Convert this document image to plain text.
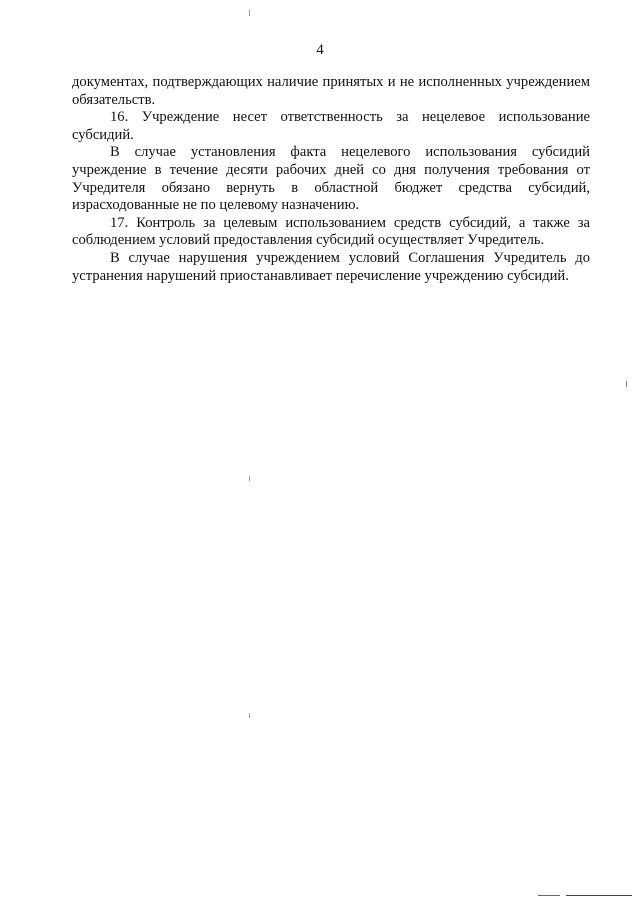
4

документах, подтверждающих наличие принятых и не исполненных учреждением обязательств.

16. Учреждение несет ответственность за нецелевое использование субсидий.

В случае установления факта нецелевого использования субсидий учреждение в течение десяти рабочих дней со дня получения требования от Учредителя обязано вернуть в областной бюджет средства субсидий, израсходованные не по целевому назначению.

17. Контроль за целевым использованием средств субсидий, а также за соблюдением условий предоставления субсидий осуществляет Учредитель.

В случае нарушения учреждением условий Соглашения Учредитель до устранения нарушений приостанавливает перечисление учреждению субсидий.
